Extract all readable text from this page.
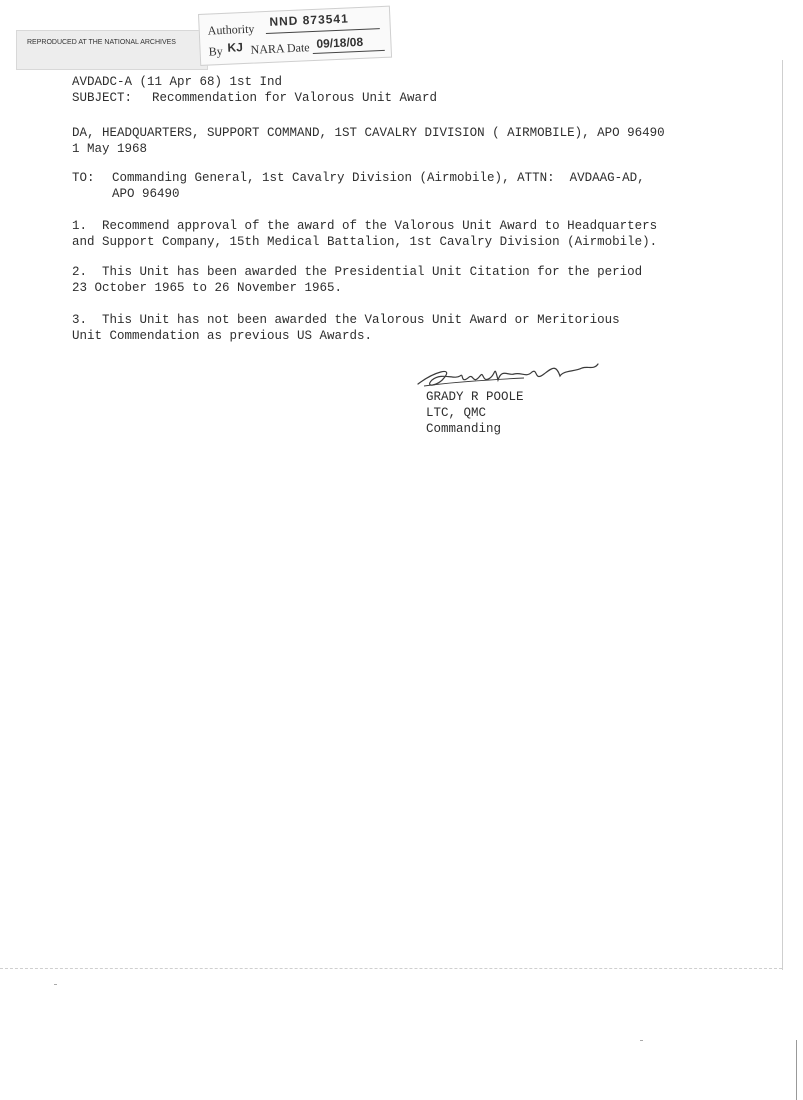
REPRODUCED AT THE NATIONAL ARCHIVES
Authority
NND 873541
By KJ NARA Date 09/18/08
AVDADC-A (11 Apr 68) 1st Ind
SUBJECT: Recommendation for Valorous Unit Award
DA, HEADQUARTERS, SUPPORT COMMAND, 1ST CAVALRY DIVISION ( AIRMOBILE), APO 96490
1 May 1968
TO: Commanding General, 1st Cavalry Division (Airmobile), ATTN:  AVDAAG-AD,
APO 96490
1.  Recommend approval of the award of the Valorous Unit Award to Headquarters
and Support Company, 15th Medical Battalion, 1st Cavalry Division (Airmobile).
2.  This Unit has been awarded the Presidential Unit Citation for the period
23 October 1965 to 26 November 1965.
3.  This Unit has not been awarded the Valorous Unit Award or Meritorious
Unit Commendation as previous US Awards.
GRADY R POOLE
LTC, QMC
Commanding
